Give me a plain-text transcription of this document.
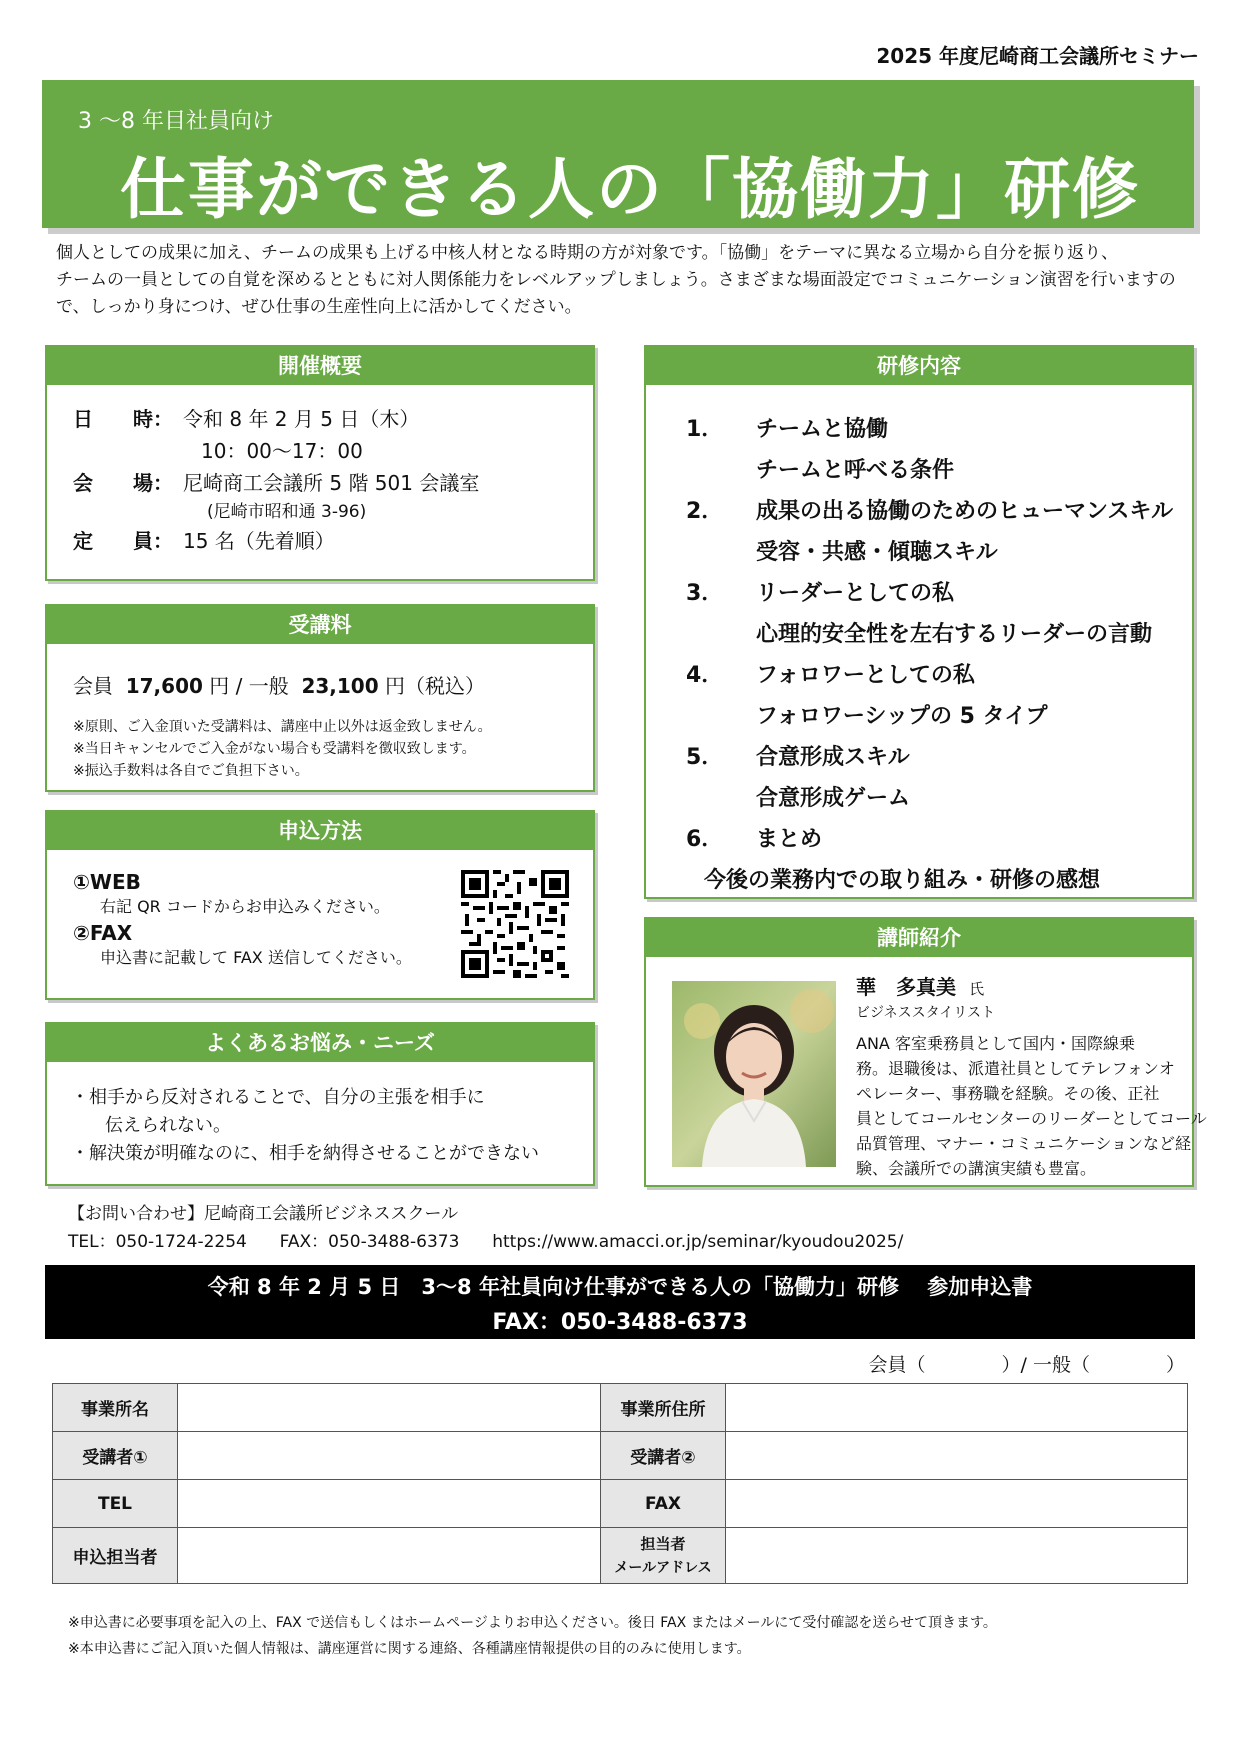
2025 年度尼崎商工会議所セミナー
3 ～8 年目社員向け
仕事ができる人の「協働力」研修
個人としての成果に加え、チームの成果も上げる中核人材となる時期の方が対象です。「協働」をテーマに異なる立場から自分を振り返り、
チームの一員としての自覚を深めるとともに対人関係能力をレベルアップしましょう。さまざまな場面設定でコミュニケーション演習を行いますの
で、しっかり身につけ、ぜひ仕事の生産性向上に活かしてください。
開催概要
日　　時： 令和 8 年 2 月 5 日（木）
10：00～17：00
会　　場： 尼崎商工会議所 5 階 501 会議室
(尼崎市昭和通 3-96)
定　　員： 15 名（先着順）
受講料
会員 17,600 円 / 一般 23,100 円（税込）
※原則、ご入金頂いた受講料は、講座中止以外は返金致しません。
※当日キャンセルでご入金がない場合も受講料を徴収致します。
※振込手数料は各自でご負担下さい。
申込方法
①WEB
右記 QR コードからお申込みください。
②FAX
申込書に記載して FAX 送信してください。
よくあるお悩み・ニーズ
・相手から反対されることで、自分の主張を相手に
伝えられない。
・解決策が明確なのに、相手を納得させることができない
研修内容
1．	チームと協働
チームと呼べる条件
2．	成果の出る協働のためのヒューマンスキル
受容・共感・傾聴スキル
3．	リーダーとしての私
心理的安全性を左右するリーダーの言動
4．	フォロワーとしての私
フォロワーシップの 5 タイプ
5．	合意形成スキル
合意形成ゲーム
6．	まとめ
今後の業務内での取り組み・研修の感想
講師紹介
華　多真美 氏
ビジネススタイリスト
ANA 客室乗務員として国内・国際線乗
務。退職後は、派遣社員としてテレフォンオ
ペレーター、事務職を経験。その後、正社
員としてコールセンターのリーダーとしてコール
品質管理、マナー・コミュニケーションなど経
験、会議所での講演実績も豊富。
【お問い合わせ】尼崎商工会議所ビジネススクール
TEL：050-1724-2254 FAX：050-3488-6373 https://www.amacci.or.jp/seminar/kyoudou2025/
令和 8 年 2 月 5 日　3～8 年社員向け仕事ができる人の「協働力」研修　 参加申込書
FAX：050-3488-6373
会員（　　　　）/ 一般（　　　　）
事業所名		事業所住所	
受講者①		受講者②	
TEL		FAX	
申込担当者		担当者
メールアドレス	

※申込書に必要事項を記入の上、FAX で送信もしくはホームページよりお申込ください。後日 FAX またはメールにて受付確認を送らせて頂きます。
※本申込書にご記入頂いた個人情報は、講座運営に関する連絡、各種講座情報提供の目的のみに使用します。
